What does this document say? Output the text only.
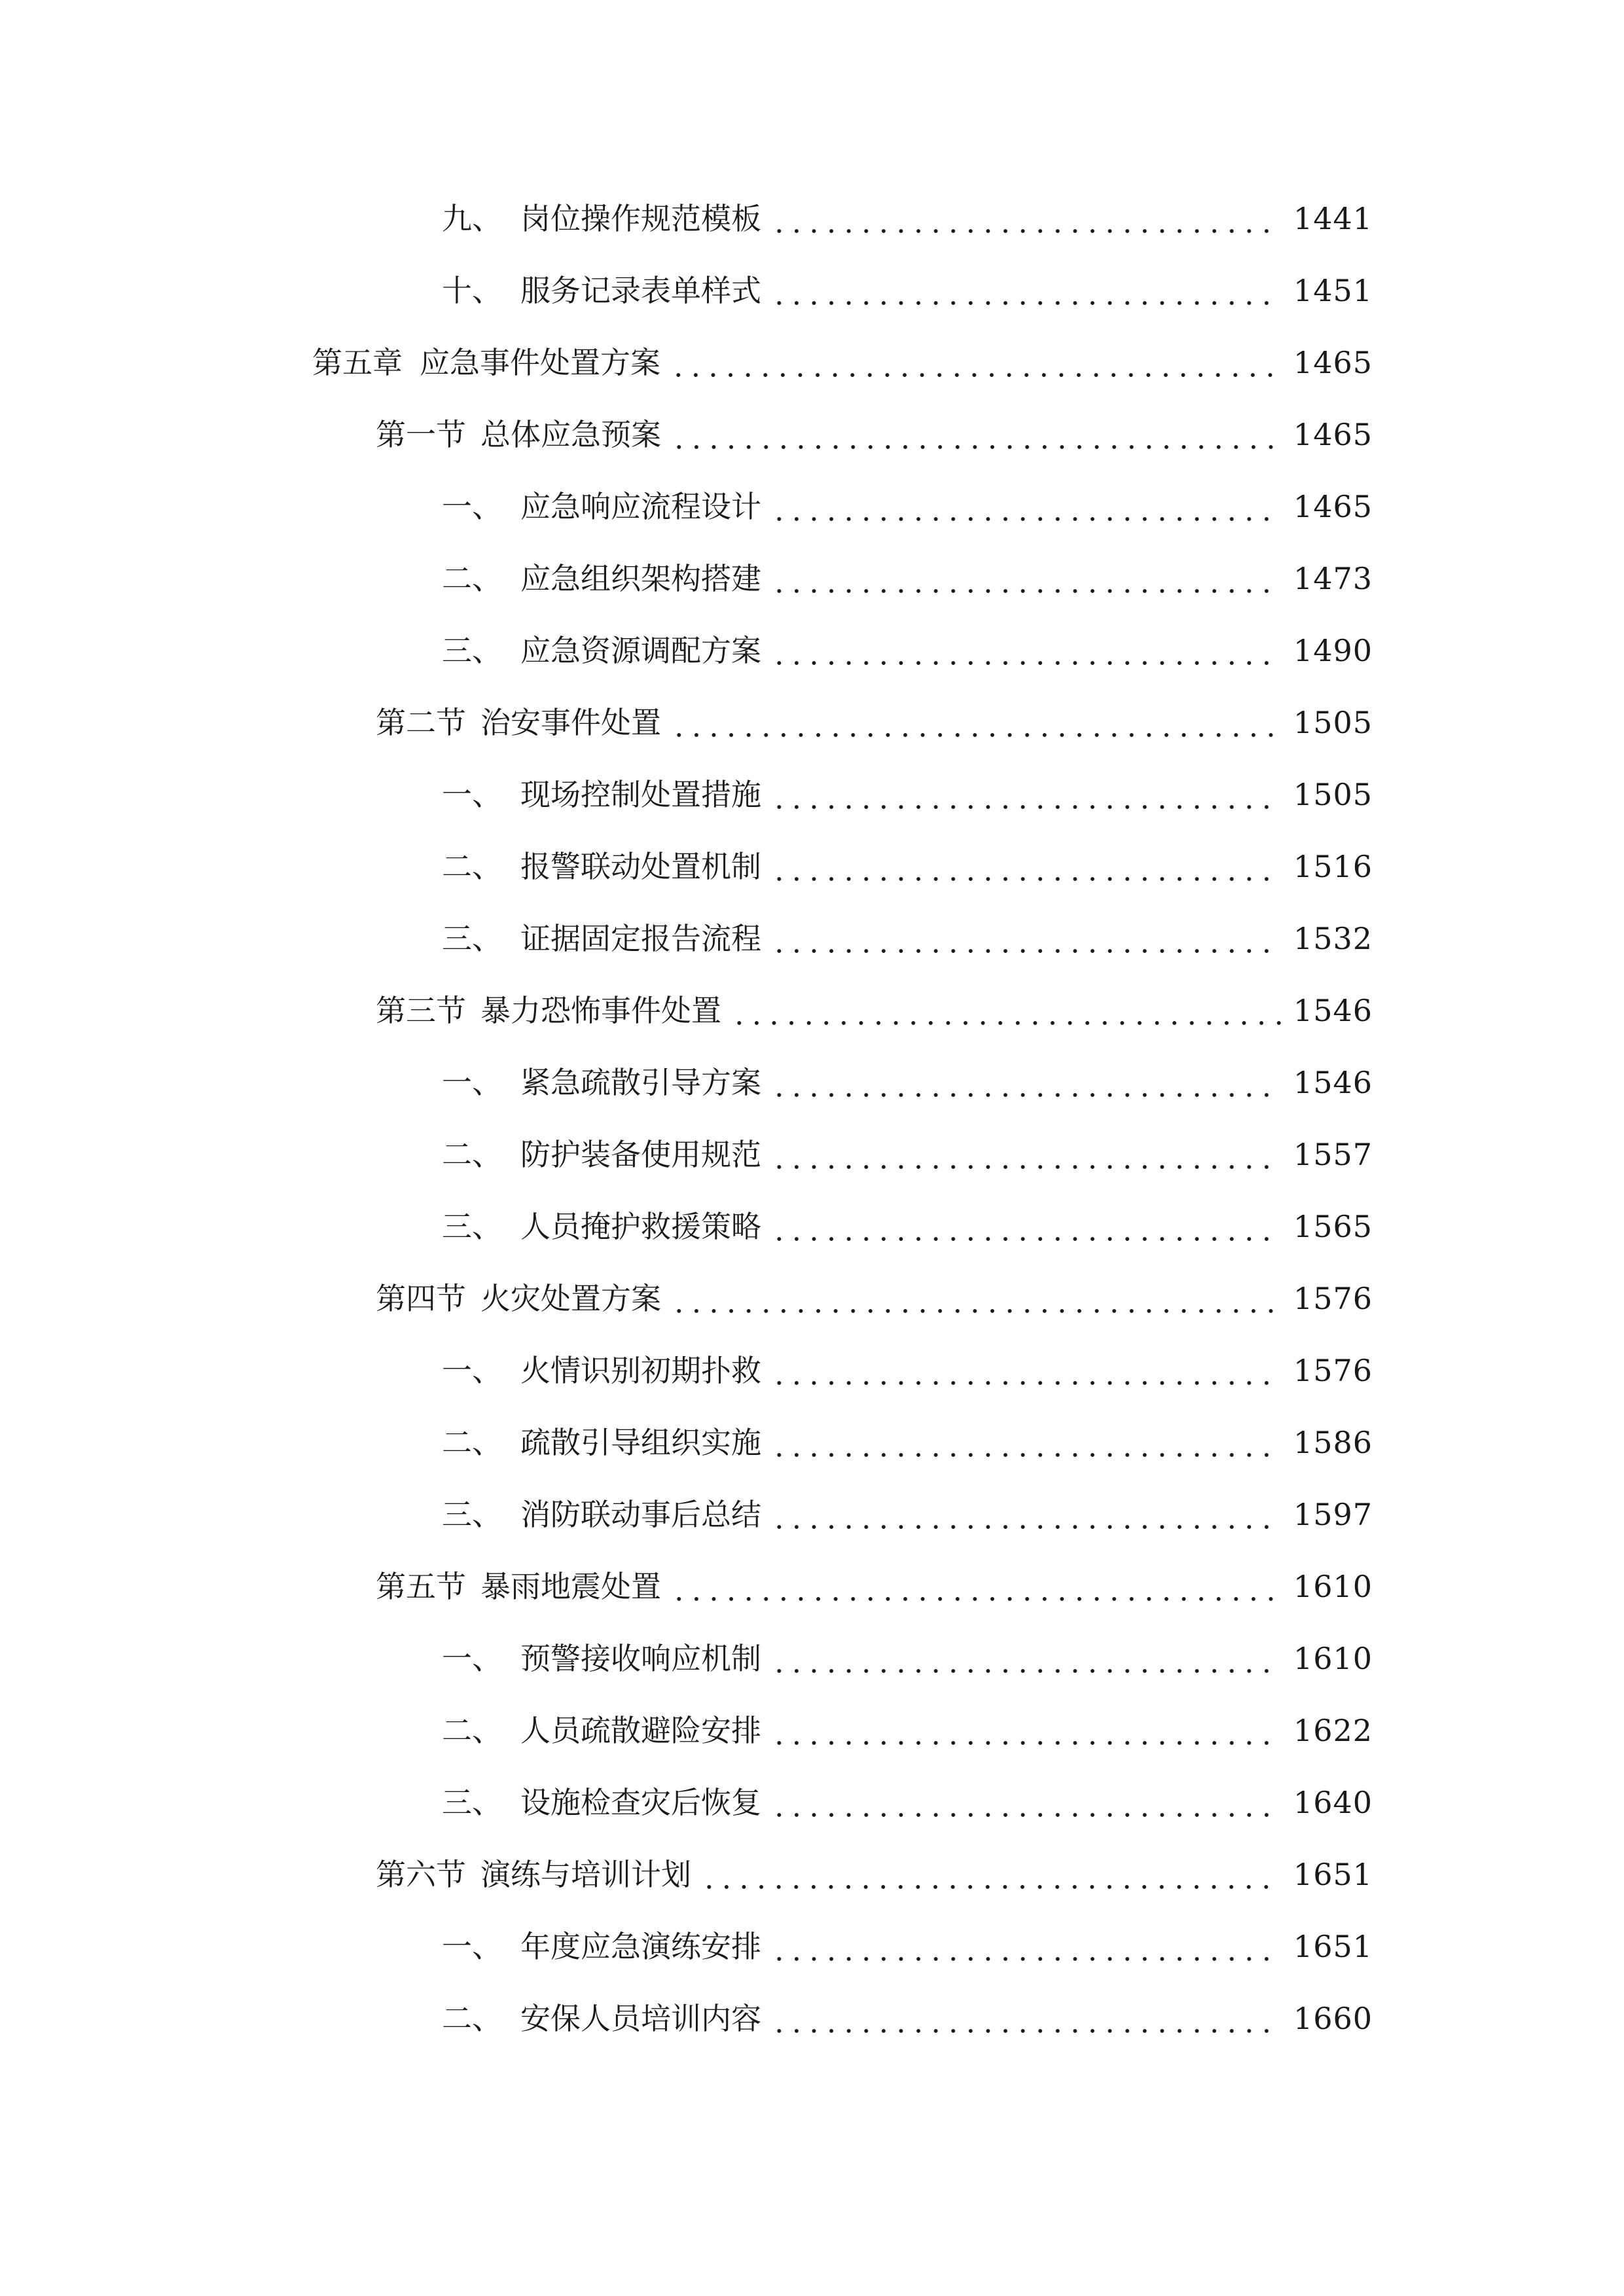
九、 岗位操作规范模板	1441
十、 服务记录表单样式	1451
第五章 应急事件处置方案	1465
第一节 总体应急预案	1465
一、 应急响应流程设计	1465
二、 应急组织架构搭建	1473
三、 应急资源调配方案	1490
第二节 治安事件处置	1505
一、 现场控制处置措施	1505
二、 报警联动处置机制	1516
三、 证据固定报告流程	1532
第三节 暴力恐怖事件处置	1546
一、 紧急疏散引导方案	1546
二、 防护装备使用规范	1557
三、 人员掩护救援策略	1565
第四节 火灾处置方案	1576
一、 火情识别初期扑救	1576
二、 疏散引导组织实施	1586
三、 消防联动事后总结	1597
第五节 暴雨地震处置	1610
一、 预警接收响应机制	1610
二、 人员疏散避险安排	1622
三、 设施检查灾后恢复	1640
第六节 演练与培训计划	1651
一、 年度应急演练安排	1651
二、 安保人员培训内容	1660
